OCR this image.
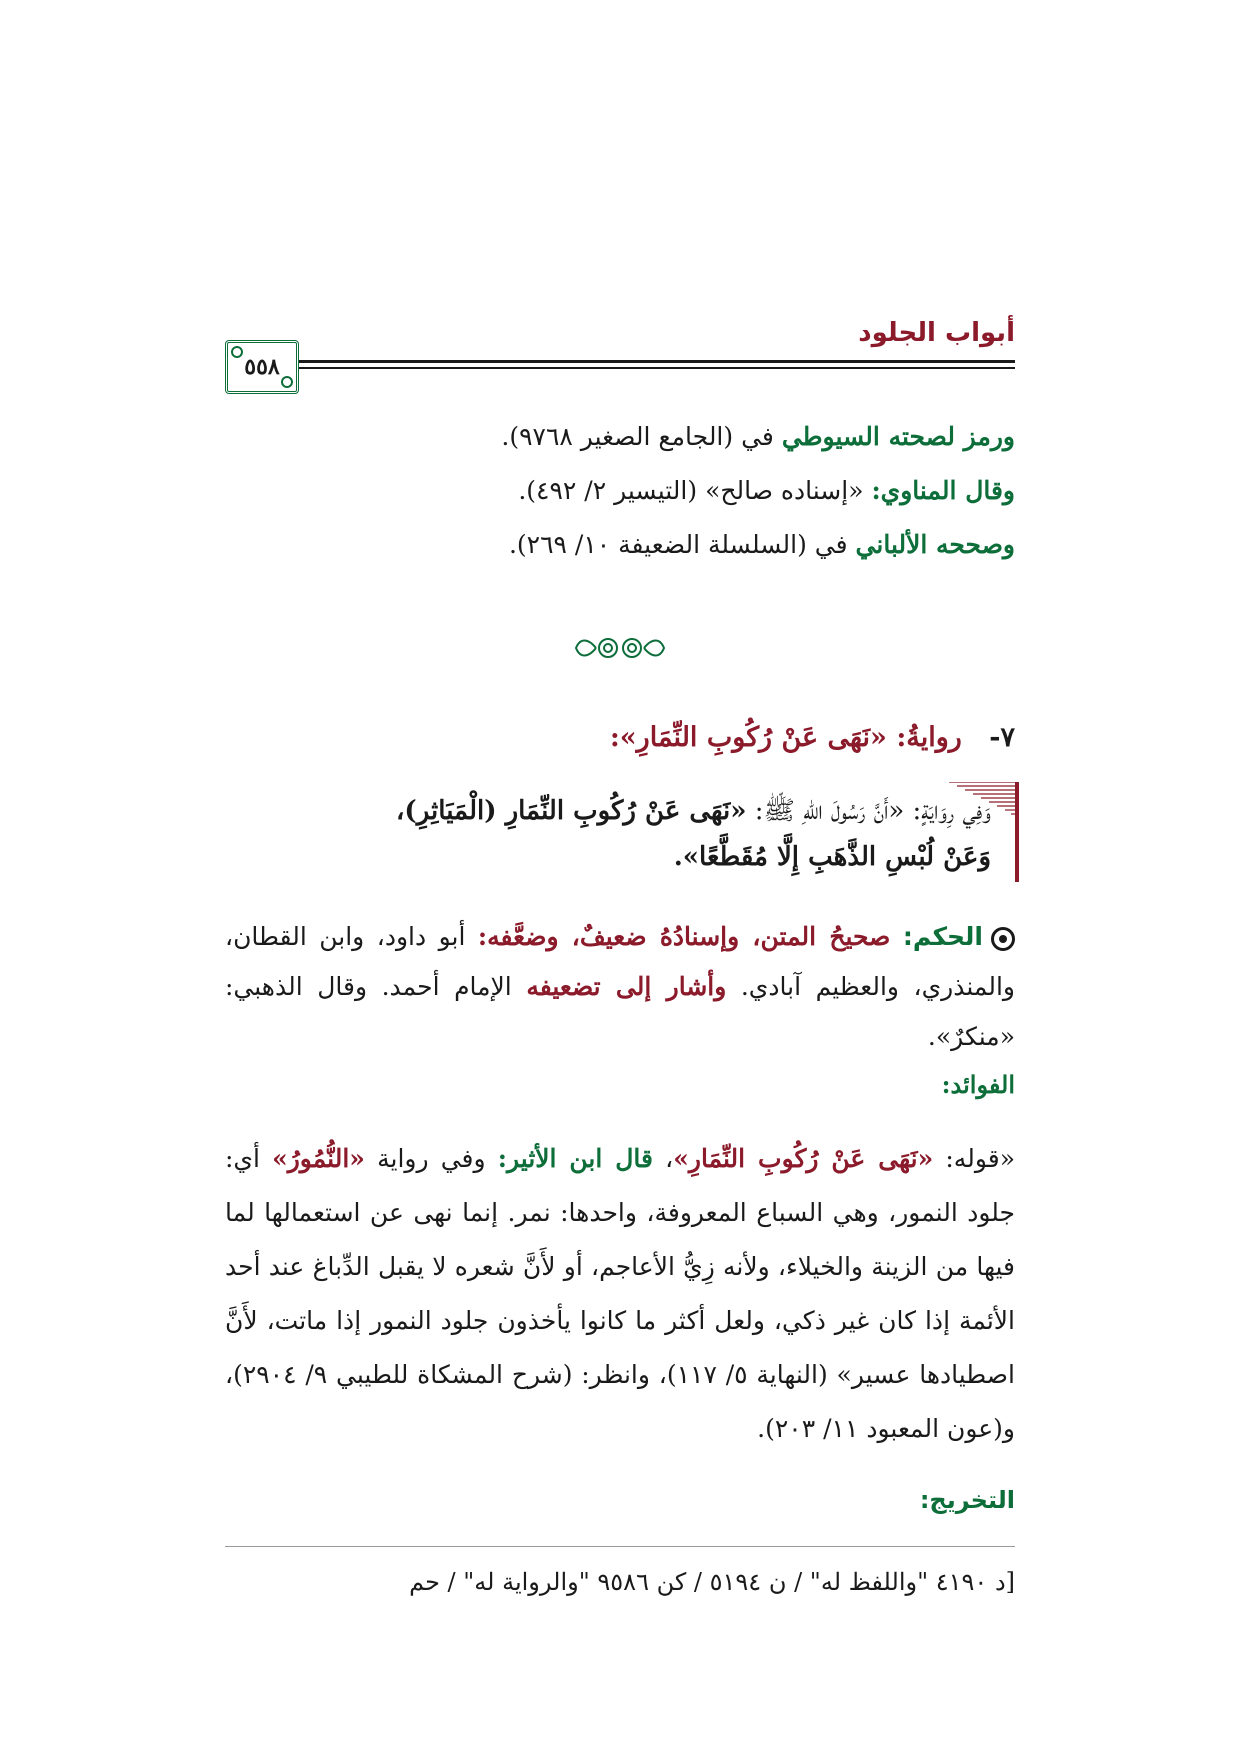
أبواب الجلود
٥٥٨
ورمز لصحته السيوطي في (الجامع الصغير ٩٧٦٨).
وقال المناوي: «إسناده صالح» (التيسير ٢/ ٤٩٢).
وصححه الألباني في (السلسلة الضعيفة ١٠/ ٢٦٩).
٧- روايةُ: «نَهَى عَنْ رُكُوبِ النِّمَارِ»:
وَفِي رِوَايَةٍ: «أَنَّ رَسُولَ اللهِ ﷺ: «نَهَى عَنْ رُكُوبِ النِّمَارِ (الْمَيَاثِرِ)،
وَعَنْ لُبْسِ الذَّهَبِ إِلَّا مُقَطَّعًا».
الحكم: صحيحُ المتن، وإسنادُهُ ضعيفٌ، وضعَّفه: أبو داود، وابن القطان، والمنذري، والعظيم آبادي. وأشار إلى تضعيفه الإمام أحمد. وقال الذهبي: «منكرٌ».
الفوائد:
«قوله: «نَهَى عَنْ رُكُوبِ النِّمَارِ»، قال ابن الأثير: وفي رواية «النُّمُورُ» أي: جلود النمور، وهي السباع المعروفة، واحدها: نمر. إنما نهى عن استعمالها لما فيها من الزينة والخيلاء، ولأنه زِيُّ الأعاجم، أو لأَنَّ شعره لا يقبل الدِّباغ عند أحد الأئمة إذا كان غير ذكي، ولعل أكثر ما كانوا يأخذون جلود النمور إذا ماتت، لأَنَّ اصطيادها عسير» (النهاية ٥/ ١١٧)، وانظر: (شرح المشكاة للطيبي ٩/ ٢٩٠٤)، و(عون المعبود ١١/ ٢٠٣).
التخريج:
[د ٤١٩٠ "واللفظ له" / ن ٥١٩٤ / كن ٩٥٨٦ "والرواية له" / حم
